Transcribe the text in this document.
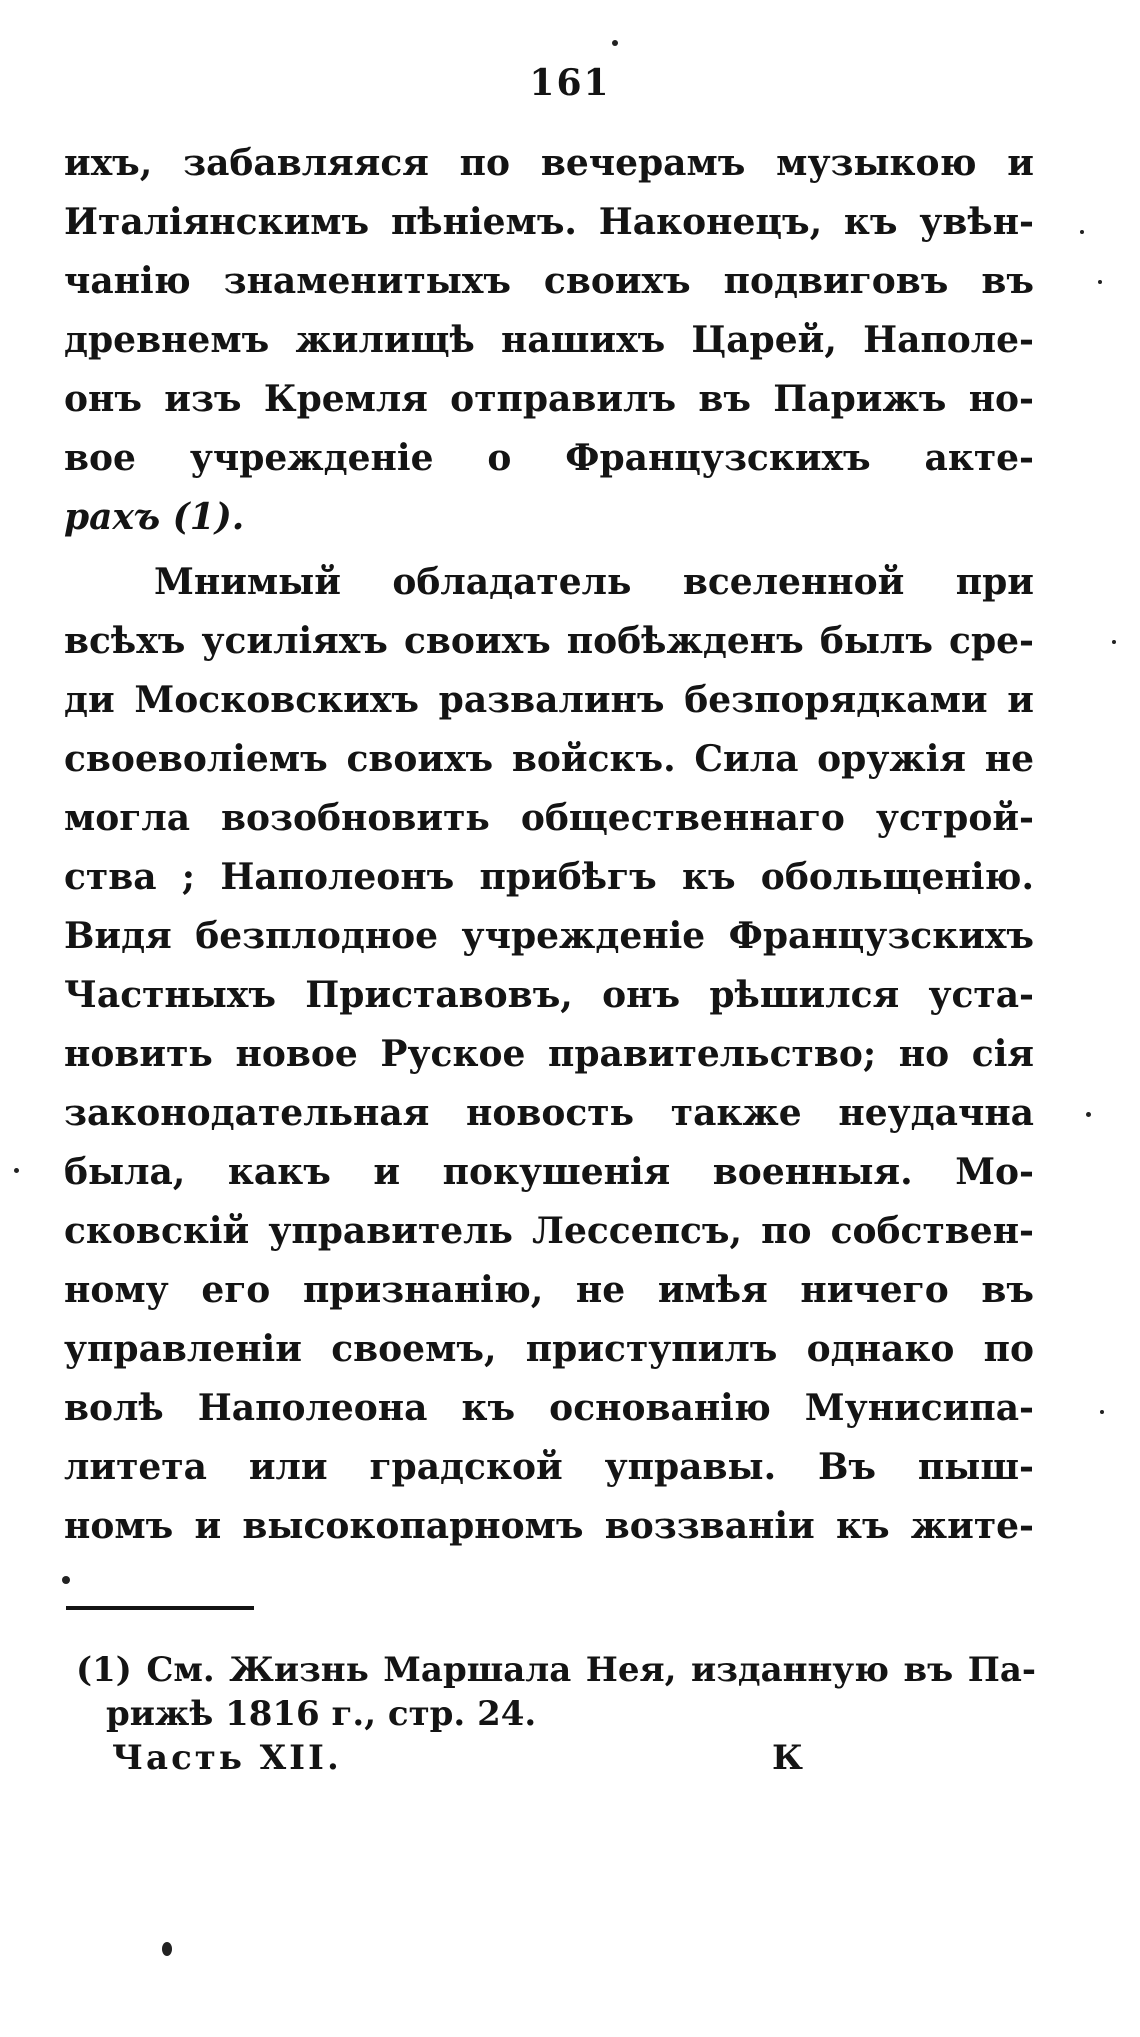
161
ихъ, забавляяся по вечерамъ музыкою и
Италіянскимъ пѣніемъ. Наконецъ, къ увѣн-
чанію знаменитыхъ своихъ подвиговъ въ
древнемъ жилищѣ нашихъ Царей, Наполе-
онъ изъ Кремля отправилъ въ Парижъ но-
вое учрежденіе о Французскихъ акте-
рахъ (1).
Мнимый обладатель вселенной при
всѣхъ усиліяхъ своихъ побѣжденъ былъ сре-
ди Московскихъ развалинъ безпорядками и
своеволіемъ своихъ войскъ. Сила оружія не
могла возобновить общественнаго устрой-
ства ; Наполеонъ прибѣгъ къ обольщенію.
Видя безплодное учрежденіе Французскихъ
Частныхъ Приставовъ, онъ рѣшился уста-
новить новое Руское правительство; но сія
законодательная новость также неудачна
была, какъ и покушенія военныя. Мо-
сковскій управитель Лессепсъ, по собствен-
ному его признанію, не имѣя ничего въ
управленіи своемъ, приступилъ однако по
волѣ Наполеона къ основанію Мунисипа-
литета или градской управы. Въ пыш-
номъ и высокопарномъ воззваніи къ жите-
(1) См. Жизнь Маршала Нея, изданную въ Па-
рижѣ 1816 г., стр. 24.
Часть XII.	К
